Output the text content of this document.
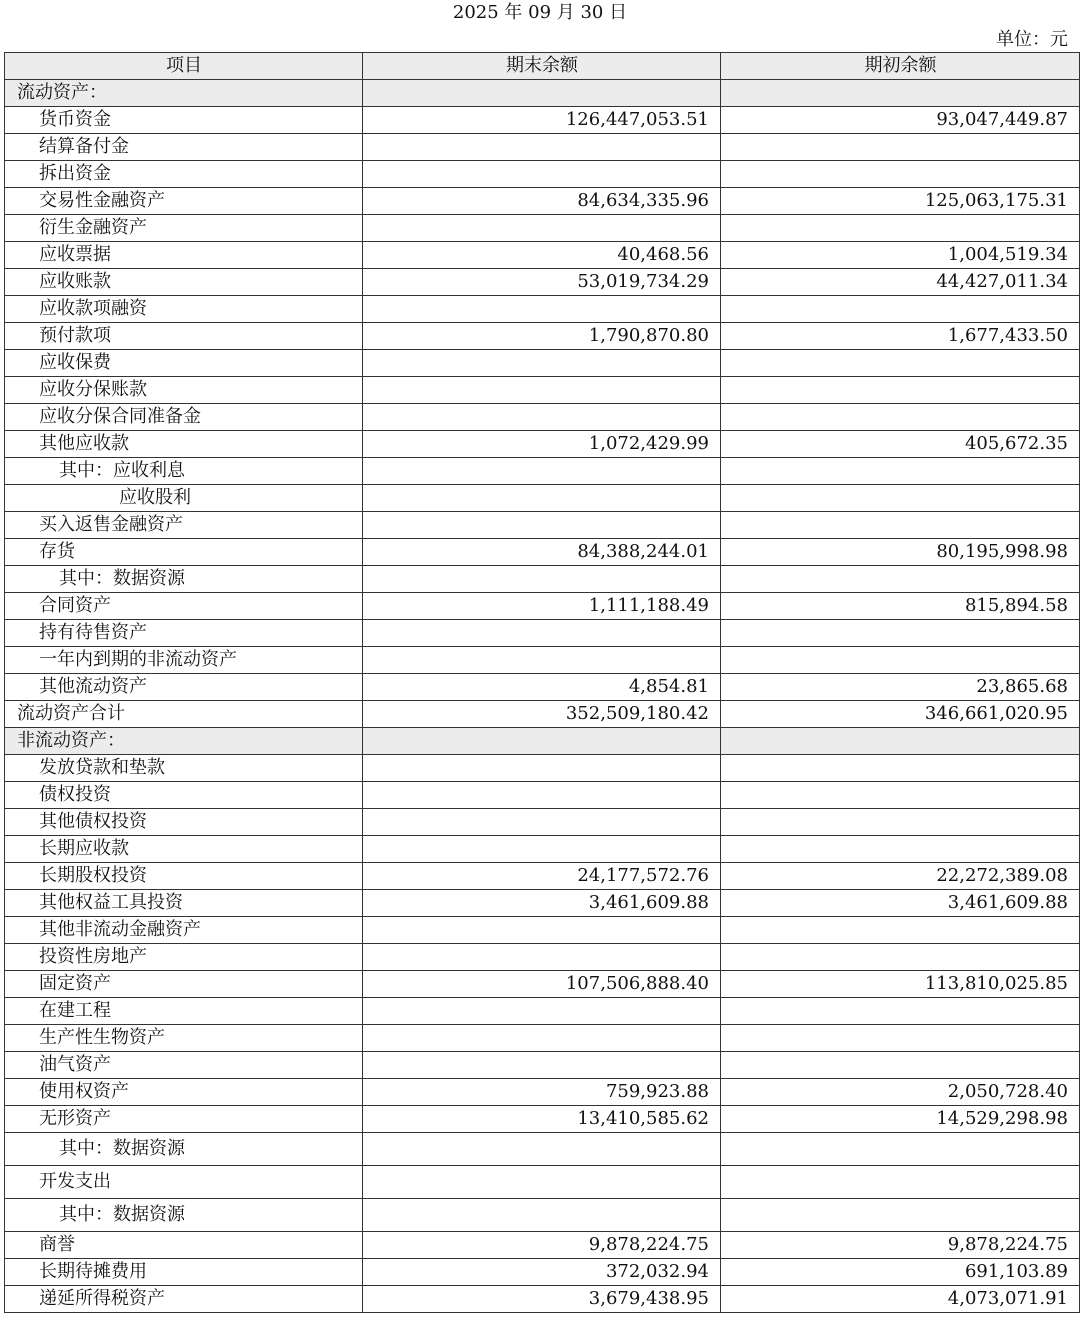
2025 年 09 月 30 日
单位：元
项目	期末余额	期初余额
流动资产：		
货币资金	126,447,053.51	93,047,449.87
结算备付金		
拆出资金		
交易性金融资产	84,634,335.96	125,063,175.31
衍生金融资产		
应收票据	40,468.56	1,004,519.34
应收账款	53,019,734.29	44,427,011.34
应收款项融资		
预付款项	1,790,870.80	1,677,433.50
应收保费		
应收分保账款		
应收分保合同准备金		
其他应收款	1,072,429.99	405,672.35
其中：应收利息		
应收股利		
买入返售金融资产		
存货	84,388,244.01	80,195,998.98
其中：数据资源		
合同资产	1,111,188.49	815,894.58
持有待售资产		
一年内到期的非流动资产		
其他流动资产	4,854.81	23,865.68
流动资产合计	352,509,180.42	346,661,020.95
非流动资产：		
发放贷款和垫款		
债权投资		
其他债权投资		
长期应收款		
长期股权投资	24,177,572.76	22,272,389.08
其他权益工具投资	3,461,609.88	3,461,609.88
其他非流动金融资产		
投资性房地产		
固定资产	107,506,888.40	113,810,025.85
在建工程		
生产性生物资产		
油气资产		
使用权资产	759,923.88	2,050,728.40
无形资产	13,410,585.62	14,529,298.98
其中：数据资源		
开发支出		
其中：数据资源		
商誉	9,878,224.75	9,878,224.75
长期待摊费用	372,032.94	691,103.89
递延所得税资产	3,679,438.95	4,073,071.91
